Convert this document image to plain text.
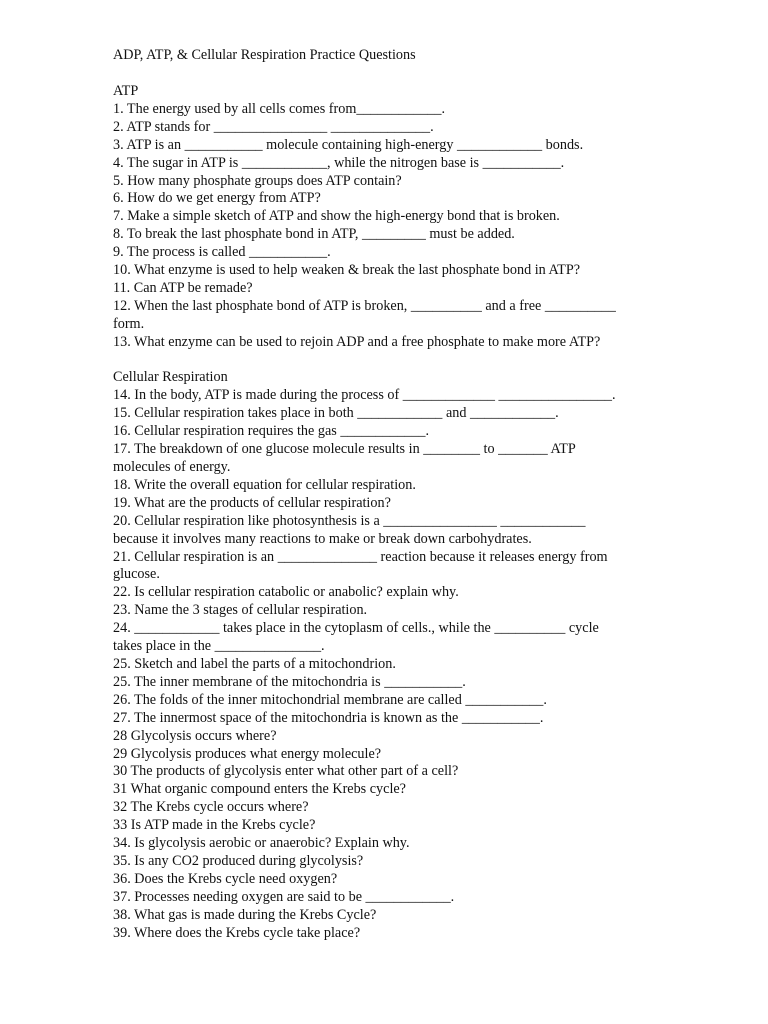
ADP, ATP, & Cellular Respiration Practice Questions
ATP
1. The energy used by all cells comes from____________.
2. ATP stands for ________________ ______________.
3. ATP is an ___________ molecule containing high-energy ____________ bonds.
4. The sugar in ATP is ____________, while the nitrogen base is ___________.
5. How many phosphate groups does ATP contain?
6. How do we get energy from ATP?
7. Make a simple sketch of ATP and show the high-energy bond that is broken.
8. To break the last phosphate bond in ATP, _________ must be added.
9. The process is called ___________.
10. What enzyme is used to help weaken & break the last phosphate bond in ATP?
11. Can ATP be remade?
12. When the last phosphate bond of ATP is broken, __________ and a free __________
form.
13. What enzyme can be used to rejoin ADP and a free phosphate to make more ATP?
Cellular Respiration
14. In the body, ATP is made during the process of _____________ ________________.
15. Cellular respiration takes place in both ____________ and ____________.
16. Cellular respiration requires the gas ____________.
17. The breakdown of one glucose molecule results in ________ to _______ ATP
molecules of energy.
18. Write the overall equation for cellular respiration.
19. What are the products of cellular respiration?
20. Cellular respiration like photosynthesis is a ________________ ____________
because it involves many reactions to make or break down carbohydrates.
21. Cellular respiration is an ______________ reaction because it releases energy from
glucose.
22. Is cellular respiration catabolic or anabolic? explain why.
23. Name the 3 stages of cellular respiration.
24. ____________ takes place in the cytoplasm of cells., while the __________ cycle
takes place in the _______________.
25. Sketch and label the parts of a mitochondrion.
25. The inner membrane of the mitochondria is ___________.
26. The folds of the inner mitochondrial membrane are called ___________.
27. The innermost space of the mitochondria is known as the ___________.
28 Glycolysis occurs where?
29 Glycolysis produces what energy molecule?
30 The products of glycolysis enter what other part of a cell?
31 What organic compound enters the Krebs cycle?
32 The Krebs cycle occurs where?
33 Is ATP made in the Krebs cycle?
34. Is glycolysis aerobic or anaerobic? Explain why.
35. Is any CO2 produced during glycolysis?
36. Does the Krebs cycle need oxygen?
37. Processes needing oxygen are said to be ____________.
38. What gas is made during the Krebs Cycle?
39. Where does the Krebs cycle take place?
